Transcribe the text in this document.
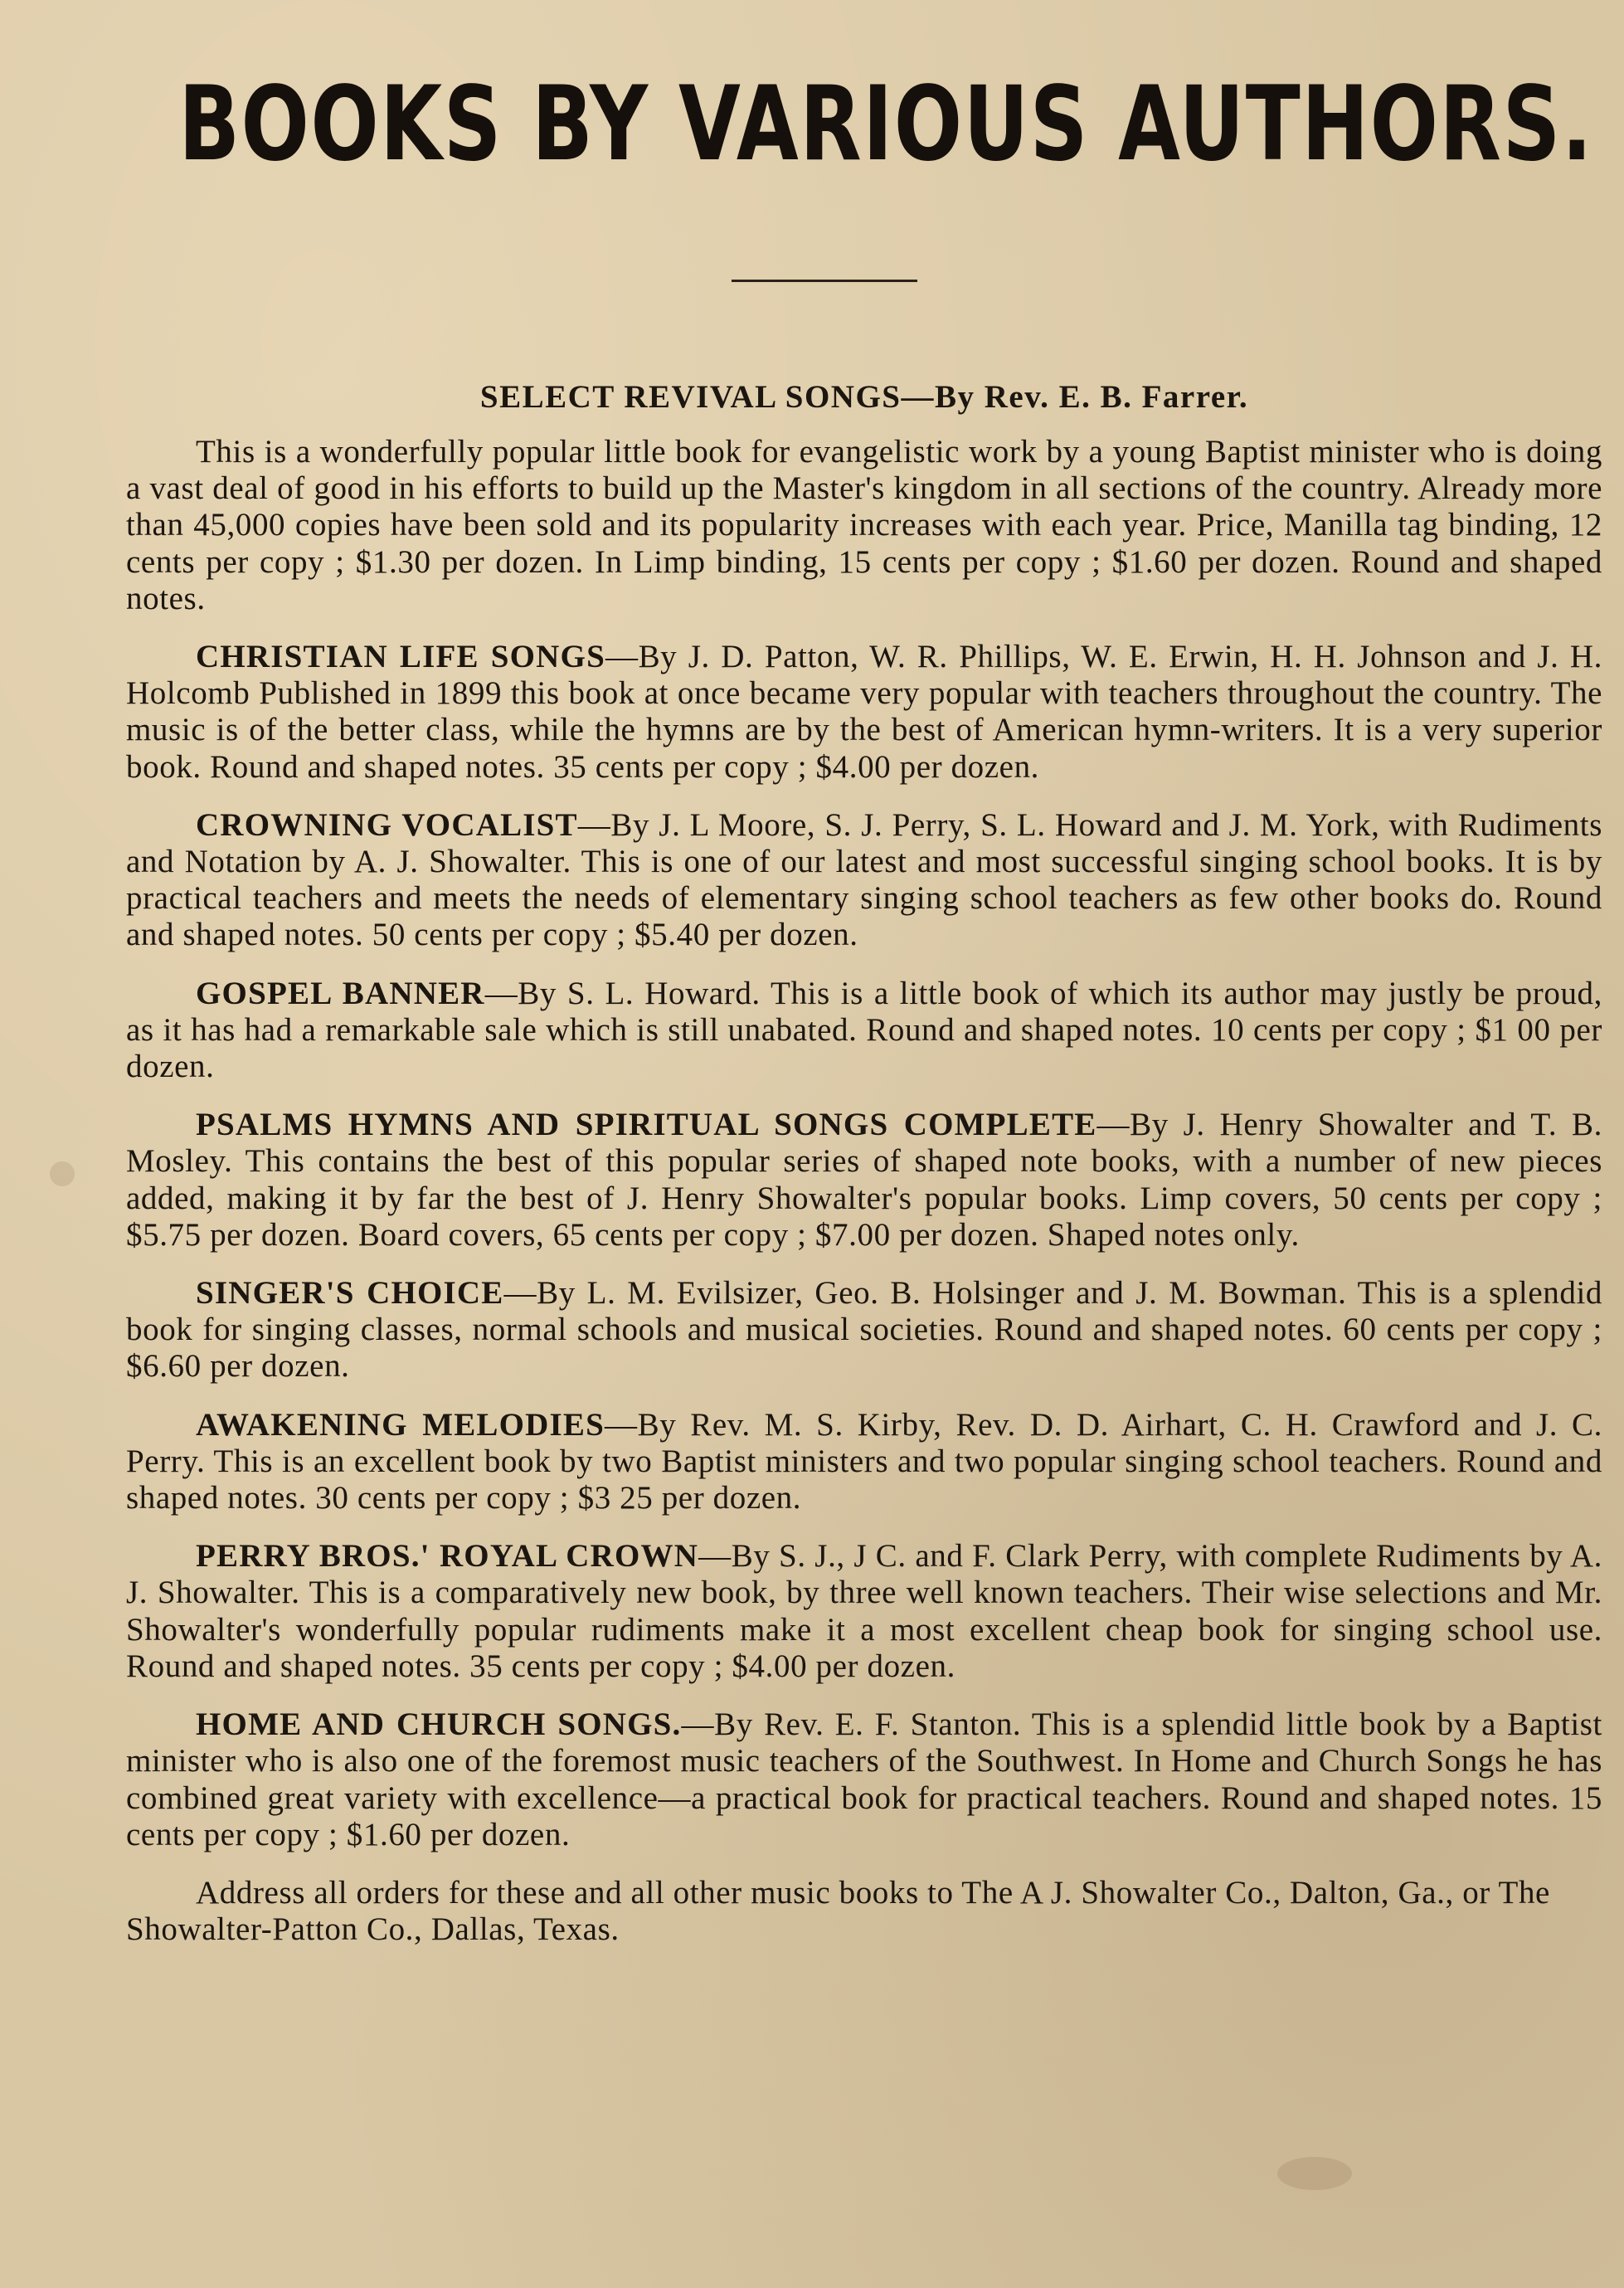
BOOKS BY VARIOUS AUTHORS.
SELECT REVIVAL SONGS—By Rev. E. B. Farrer.

This is a wonderfully popular little book for evangelistic work by a young Baptist minister who is doing a vast deal of good in his efforts to build up the Master's kingdom in all sections of the country. Already more than 45,000 copies have been sold and its popularity increases with each year. Price, Manilla tag binding, 12 cents per copy ; $1.30 per dozen. In Limp binding, 15 cents per copy ; $1.60 per dozen. Round and shaped notes.

CHRISTIAN LIFE SONGS—By J. D. Patton, W. R. Phillips, W. E. Erwin, H. H. Johnson and J. H. Holcomb Published in 1899 this book at once became very popular with teachers throughout the country. The music is of the better class, while the hymns are by the best of American hymn-writers. It is a very superior book. Round and shaped notes. 35 cents per copy ; $4.00 per dozen.

CROWNING VOCALIST—By J. L Moore, S. J. Perry, S. L. Howard and J. M. York, with Rudiments and Notation by A. J. Showalter. This is one of our latest and most successful singing school books. It is by practical teachers and meets the needs of elementary singing school teachers as few other books do. Round and shaped notes. 50 cents per copy ; $5.40 per dozen.

GOSPEL BANNER—By S. L. Howard. This is a little book of which its author may justly be proud, as it has had a remarkable sale which is still unabated. Round and shaped notes. 10 cents per copy ; $1 00 per dozen.

PSALMS HYMNS AND SPIRITUAL SONGS COMPLETE—By J. Henry Showalter and T. B. Mosley. This contains the best of this popular series of shaped note books, with a number of new pieces added, making it by far the best of J. Henry Showalter's popular books. Limp covers, 50 cents per copy ; $5.75 per dozen. Board covers, 65 cents per copy ; $7.00 per dozen. Shaped notes only.

SINGER'S CHOICE—By L. M. Evilsizer, Geo. B. Holsinger and J. M. Bowman. This is a splendid book for singing classes, normal schools and musical societies. Round and shaped notes. 60 cents per copy ; $6.60 per dozen.

AWAKENING MELODIES—By Rev. M. S. Kirby, Rev. D. D. Airhart, C. H. Crawford and J. C. Perry. This is an excellent book by two Baptist ministers and two popular singing school teachers. Round and shaped notes. 30 cents per copy ; $3 25 per dozen.

PERRY BROS.' ROYAL CROWN—By S. J., J C. and F. Clark Perry, with complete Rudiments by A. J. Showalter. This is a comparatively new book, by three well known teachers. Their wise selections and Mr. Showalter's wonderfully popular rudiments make it a most excellent cheap book for singing school use. Round and shaped notes. 35 cents per copy ; $4.00 per dozen.

HOME AND CHURCH SONGS.—By Rev. E. F. Stanton. This is a splendid little book by a Baptist minister who is also one of the foremost music teachers of the Southwest. In Home and Church Songs he has combined great variety with excellence—a practical book for practical teachers. Round and shaped notes. 15 cents per copy ; $1.60 per dozen.

Address all orders for these and all other music books to The A J. Showalter Co., Dalton, Ga., or The Showalter-Patton Co., Dallas, Texas.
